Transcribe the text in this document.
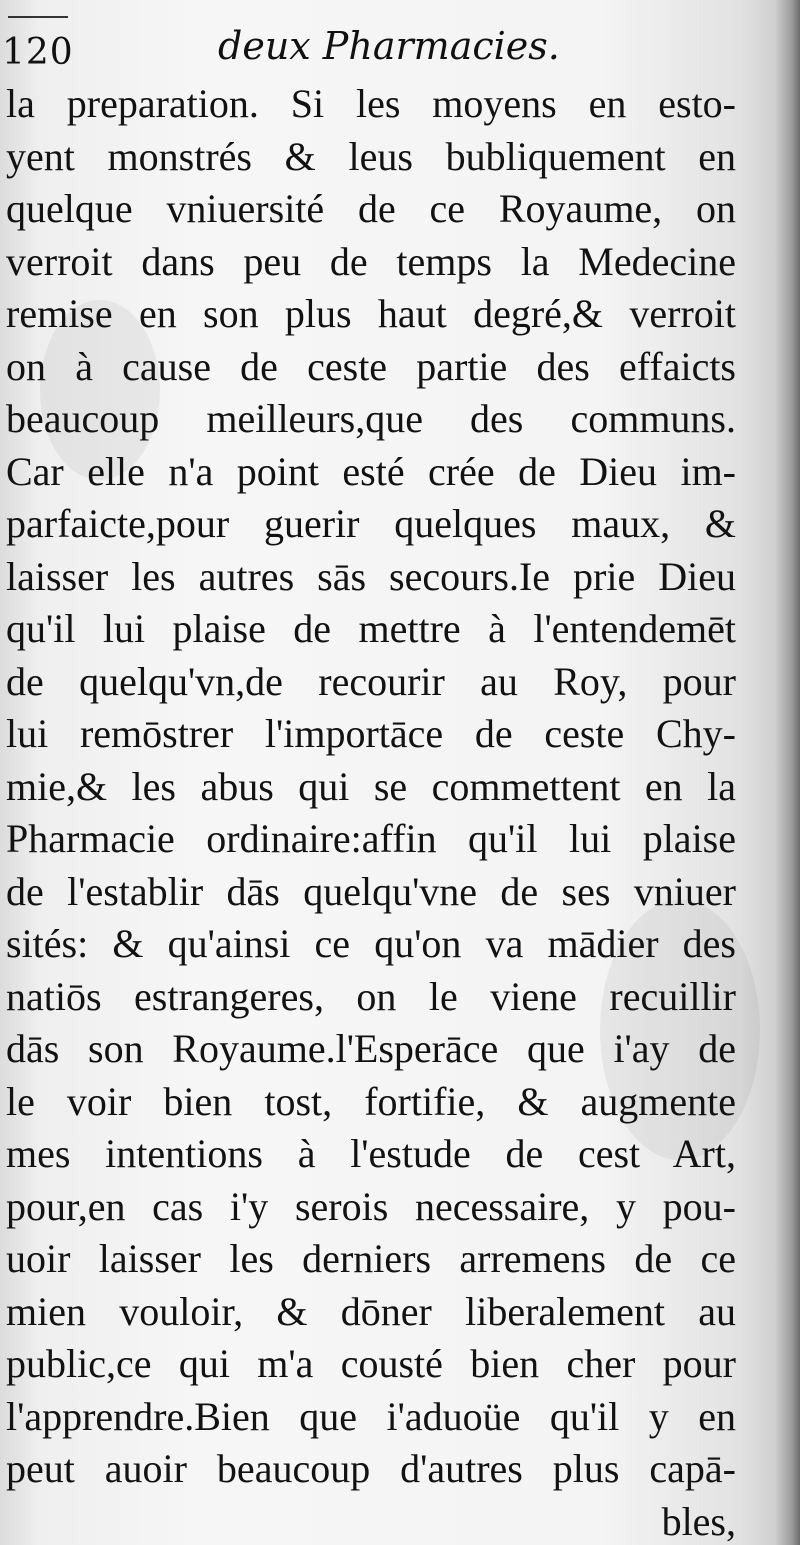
120	deux Pharmacies.
la preparation. Si les moyens en esto-
yent monstrés & leus bubliquement en
quelque vniuersité de ce Royaume, on
verroit dans peu de temps la Medecine
remise en son plus haut degré,& verroit
on à cause de ceste partie des effaicts
beaucoup meilleurs,que des communs.
Car elle n'a point esté crée de Dieu im-
parfaicte,pour guerir quelques maux, &
laisser les autres sās secours.Ie prie Dieu
qu'il lui plaise de mettre à l'entendemēt
de quelqu'vn,de recourir au Roy, pour
lui remōstrer l'importāce de ceste Chy-
mie,& les abus qui se commettent en la
Pharmacie ordinaire:affin qu'il lui plaise
de l'establir dās quelqu'vne de ses vniuer
sités: & qu'ainsi ce qu'on va mādier des
natiōs estrangeres, on le viene recuillir
dās son Royaume.l'Esperāce que i'ay de
le voir bien tost, fortifie, & augmente
mes intentions à l'estude de cest Art,
pour,en cas i'y serois necessaire, y pou-
uoir laisser les derniers arremens de ce
mien vouloir, & dōner liberalement au
public,ce qui m'a cousté bien cher pour
l'apprendre.Bien que i'aduoüe qu'il y en
peut auoir beaucoup d'autres plus capā-
bles,
